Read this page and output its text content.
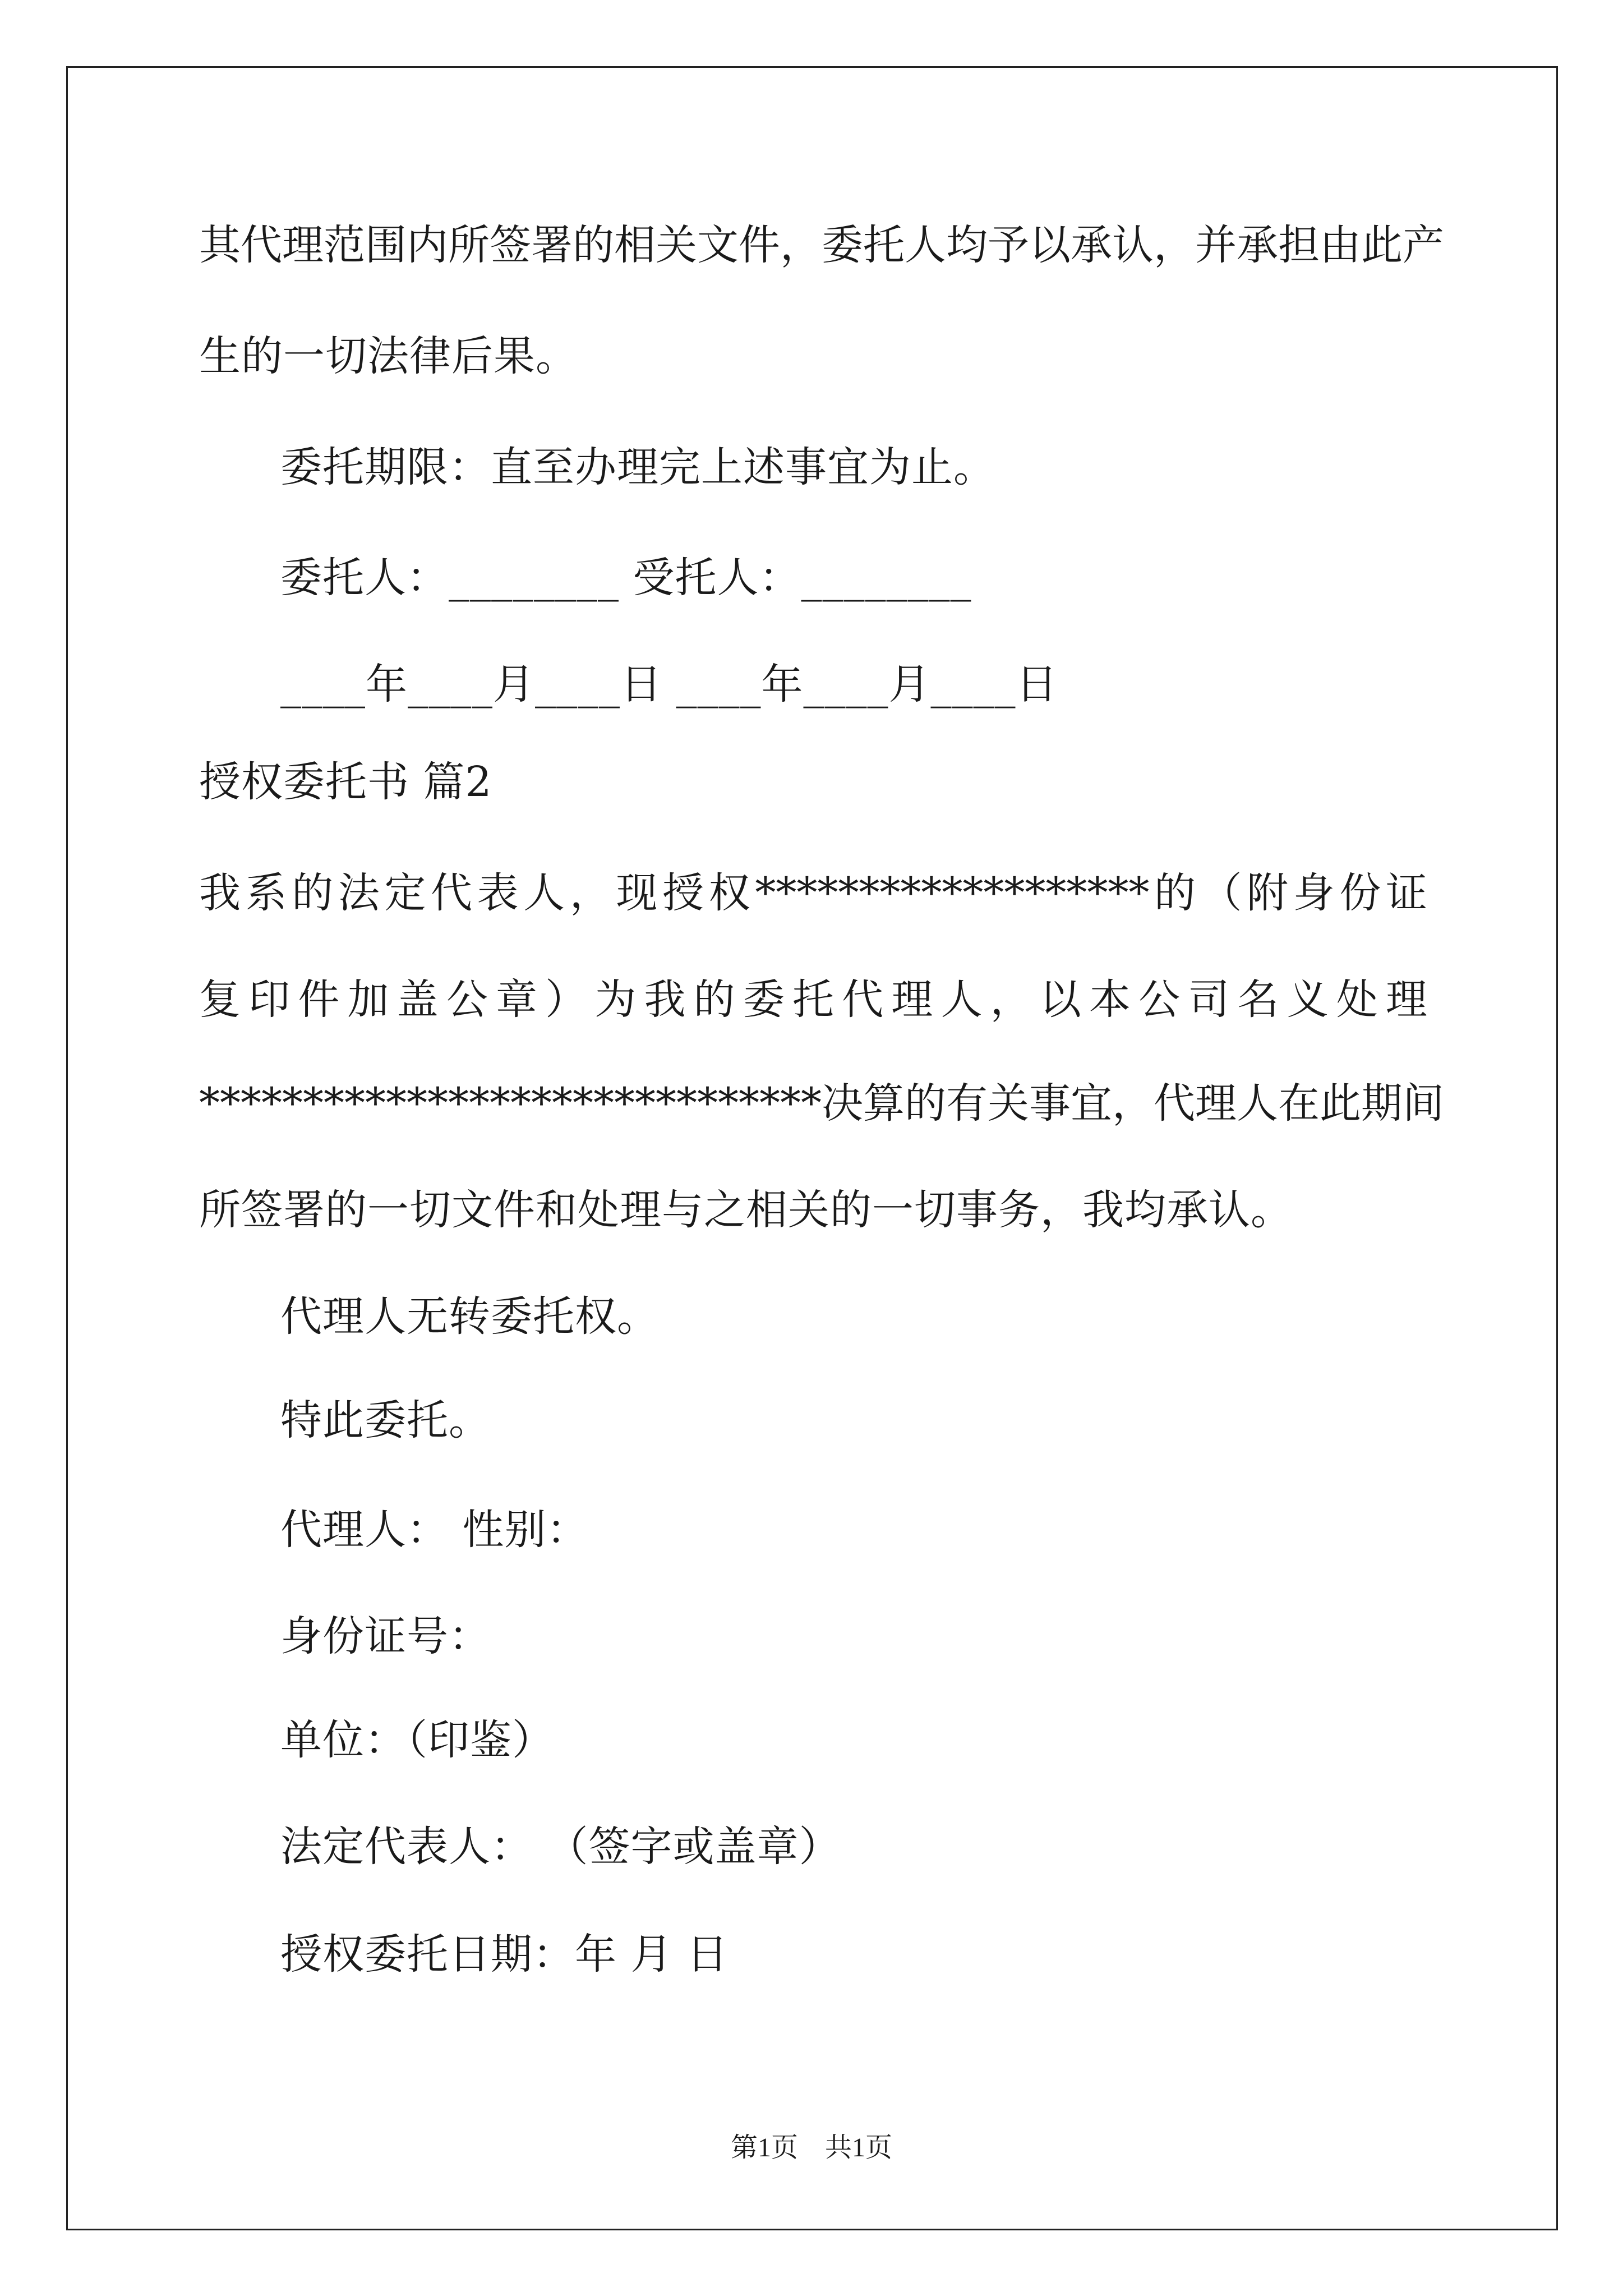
其代理范围内所签署的相关文件，委托人均予以承认，并承担由此产
生的一切法律后果。
委托期限：直至办理完上述事宜为止。
委托人：________ 受托人：________
____年____月____日 ____年____月____日
授权委托书 篇2
我系的法定代表人，现授权*******************的（附身份证
复印件加盖公章）为我的委托代理人，以本公司名义处理
******************************决算的有关事宜，代理人在此期间
所签署的一切文件和处理与之相关的一切事务，我均承认。
代理人无转委托权。
特此委托。
代理人： 性别：
身份证号：
单位：（印鉴）
法定代表人： （签字或盖章）
授权委托日期：年 月 日
第1页　共1页
